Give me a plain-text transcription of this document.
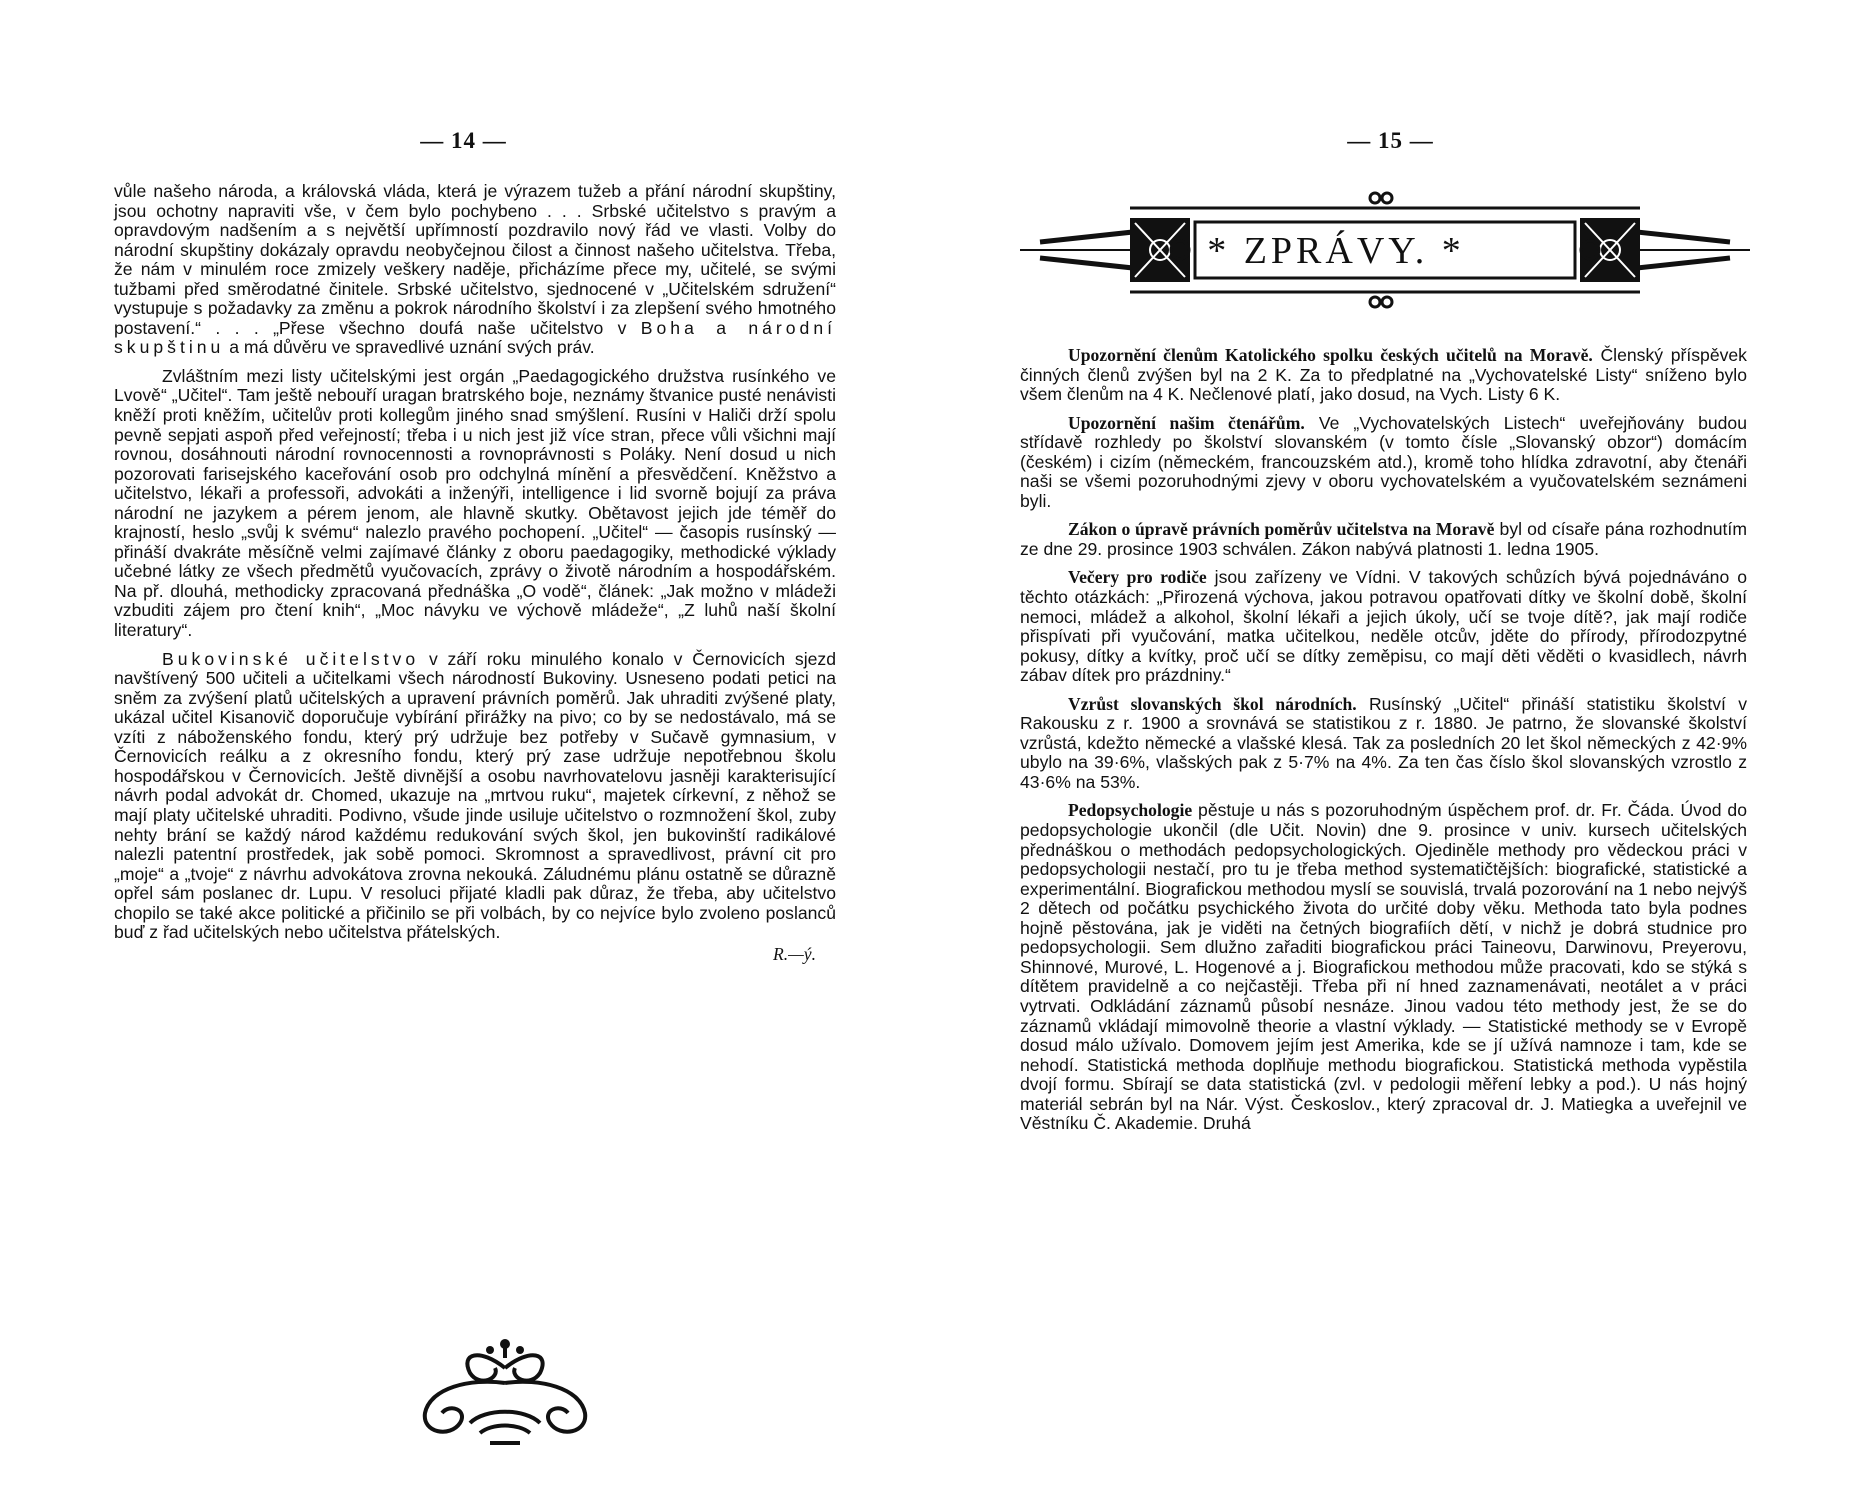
— 14 —

vůle našeho národa, a královská vláda, která je výrazem tužeb a přání národní skupštiny, jsou ochotny napraviti vše, v čem bylo pochybeno . . . Srbské učitelstvo s pravým a opravdovým nadšením a s největší upřímností pozdravilo nový řád ve vlasti. Volby do národní skupštiny dokázaly opravdu neobyčejnou čilost a činnost našeho učitelstva. Třeba, že nám v minulém roce zmizely veškery naděje, přicházíme přece my, učitelé, se svými tužbami před směrodatné činitele. Srbské učitelstvo, sjednocené v „Učitelském sdružení“ vystupuje s požadavky za změnu a pokrok národního školství i za zlepšení svého hmotného postavení.“ . . . „Přese všechno doufá naše učitelstvo v Boha a národní skupštinu a má důvěru ve spravedlivé uznání svých práv.

Zvláštním mezi listy učitelskými jest orgán „Paedagogického družstva rusínkého ve Lvově“ „Učitel“. Tam ještě nebouří uragan bratrského boje, neznámy štvanice pusté nenávisti kněží proti kněžím, učitelův proti kollegům jiného snad smýšlení. Rusíni v Haliči drží spolu pevně sepjati aspoň před veřejností; třeba i u nich jest již více stran, přece vůli všichni mají rovnou, dosáhnouti národní rovnocennosti a rovnoprávnosti s Poláky. Není dosud u nich pozorovati farisejského kaceřování osob pro odchylná mínění a přesvědčení. Kněžstvo a učitelstvo, lékaři a professoři, advokáti a inženýři, intelligence i lid svorně bojují za práva národní ne jazykem a pérem jenom, ale hlavně skutky. Obětavost jejich jde téměř do krajností, heslo „svůj k svému“ nalezlo pravého pochopení. „Učitel“ — časopis rusínský — přináší dvakráte měsíčně velmi zajímavé články z oboru paedagogiky, methodické výklady učebné látky ze všech předmětů vyučovacích, zprávy o životě národním a hospodářském. Na př. dlouhá, methodicky zpracovaná přednáška „O vodě“, článek: „Jak možno v mládeži vzbuditi zájem pro čtení knih“, „Moc návyku ve výchově mládeže“, „Z luhů naší školní literatury“.

Bukovinské učitelstvo v září roku minulého konalo v Černovicích sjezd navštívený 500 učiteli a učitelkami všech národností Bukoviny. Usneseno podati petici na sněm za zvýšení platů učitelských a upravení právních poměrů. Jak uhraditi zvýšené platy, ukázal učitel Kisanovič doporučuje vybírání přirážky na pivo; co by se nedostávalo, má se vzíti z náboženského fondu, který prý udržuje bez potřeby v Sučavě gymnasium, v Černovicích reálku a z okresního fondu, který prý zase udržuje nepotřebnou školu hospodářskou v Černovicích. Ještě divnější a osobu navrhovatelovu jasněji karakterisující návrh podal advokát dr. Chomed, ukazuje na „mrtvou ruku“, majetek církevní, z něhož se mají platy učitelské uhraditi. Podivno, všude jinde usiluje učitelstvo o rozmnožení škol, zuby nehty brání se každý národ každému redukování svých škol, jen bukovinští radikálové nalezli patentní prostředek, jak sobě pomoci. Skromnost a spravedlivost, právní cit pro „moje“ a „tvoje“ z návrhu advokátova zrovna nekouká. Záludnému plánu ostatně se důrazně opřel sám poslanec dr. Lupu. V resoluci přijaté kladli pak důraz, že třeba, aby učitelstvo chopilo se také akce politické a přičinilo se při volbách, by co nejvíce bylo zvoleno poslanců buď z řad učitelských nebo učitelstva přátelských.

R.—ý.
— 15 —
* ZPRÁVY. *

Upozornění členům Katolického spolku českých učitelů na Moravě. Členský příspěvek činných členů zvýšen byl na 2 K. Za to předplatné na „Vychovatelské Listy“ sníženo bylo všem členům na 4 K. Nečlenové platí, jako dosud, na Vych. Listy 6 K.

Upozornění našim čtenářům. Ve „Vychovatelských Listech“ uveřejňovány budou střídavě rozhledy po školství slovanském (v tomto čísle „Slovanský obzor“) domácím (českém) i cizím (německém, francouzském atd.), kromě toho hlídka zdravotní, aby čtenáři naši se všemi pozoruhodnými zjevy v oboru vychovatelském a vyučovatelském seznámeni byli.

Zákon o úpravě právních poměrův učitelstva na Moravě byl od císaře pána rozhodnutím ze dne 29. prosince 1903 schválen. Zákon nabývá platnosti 1. ledna 1905.

Večery pro rodiče jsou zařízeny ve Vídni. V takových schůzích bývá pojednáváno o těchto otázkách: „Přirozená výchova, jakou potravou opatřovati dítky ve školní době, školní nemoci, mládež a alkohol, školní lékaři a jejich úkoly, učí se tvoje dítě?, jak mají rodiče přispívati při vyučování, matka učitelkou, neděle otcův, jděte do přírody, přírodozpytné pokusy, dítky a kvítky, proč učí se dítky zeměpisu, co mají děti věděti o kvasidlech, návrh zábav dítek pro prázdniny.“

Vzrůst slovanských škol národních. Rusínský „Učitel“ přináší statistiku školství v Rakousku z r. 1900 a srovnává se statistikou z r. 1880. Je patrno, že slovanské školství vzrůstá, kdežto německé a vlašské klesá. Tak za posledních 20 let škol německých z 42·9% ubylo na 39·6%, vlašských pak z 5·7% na 4%. Za ten čas číslo škol slovanských vzrostlo z 43·6% na 53%.

Pedopsychologie pěstuje u nás s pozoruhodným úspěchem prof. dr. Fr. Čáda. Úvod do pedopsychologie ukončil (dle Učit. Novin) dne 9. prosince v univ. kursech učitelských přednáškou o methodách pedopsychologických. Ojediněle methody pro vědeckou práci v pedopsychologii nestačí, pro tu je třeba method systematičtějších: biografické, statistické a experimentální. Biografickou methodou myslí se souvislá, trvalá pozorování na 1 nebo nejvýš 2 dětech od počátku psychického života do určité doby věku. Methoda tato byla podnes hojně pěstována, jak je viděti na četných biografiích dětí, v nichž je dobrá studnice pro pedopsychologii. Sem dlužno zařaditi biografickou práci Taineovu, Darwinovu, Preyerovu, Shinnové, Murové, L. Hogenové a j. Biografickou methodou může pracovati, kdo se stýká s dítětem pravidelně a co nejčastěji. Třeba při ní hned zaznamenávati, neotálet a v práci vytrvati. Odkládání záznamů působí nesnáze. Jinou vadou této methody jest, že se do záznamů vkládají mimovolně theorie a vlastní výklady. — Statistické methody se v Evropě dosud málo užívalo. Domovem jejím jest Amerika, kde se jí užívá namnoze i tam, kde se nehodí. Statistická methoda doplňuje methodu biografickou. Statistická methoda vypěstila dvojí formu. Sbírají se data statistická (zvl. v pedologii měření lebky a pod.). U nás hojný materiál sebrán byl na Nár. Výst. Českoslov., který zpracoval dr. J. Matiegka a uveřejnil ve Věstníku Č. Akademie. Druhá
